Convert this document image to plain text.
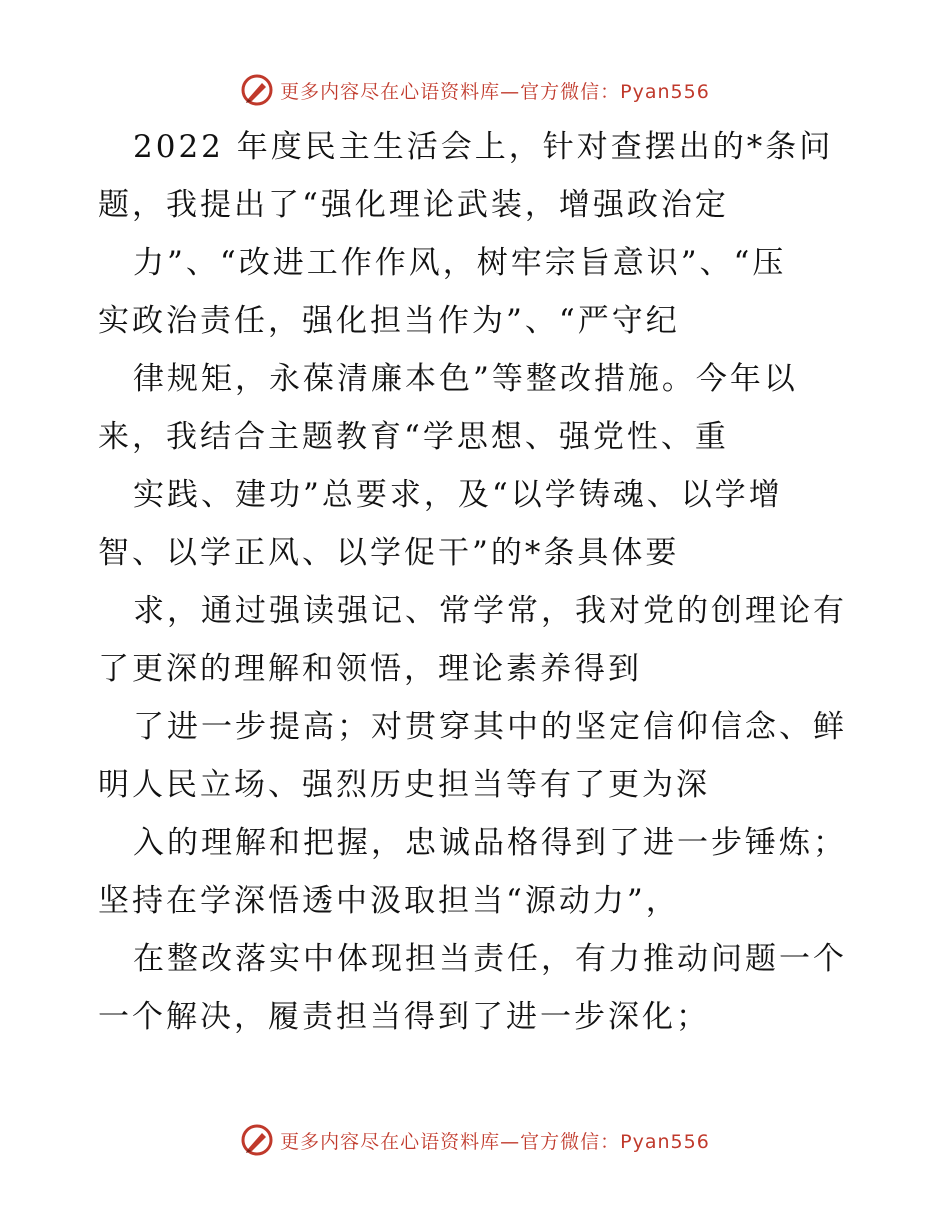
更多内容尽在心语资料库—官方微信：Pyan556
2022 年度民主生活会上，针对查摆出的*条问
题，我提出了“强化理论武装，增强政治定
力”、“改进工作作风，树牢宗旨意识”、“压
实政治责任，强化担当作为”、“严守纪
律规矩，永葆清廉本色”等整改措施。今年以
来，我结合主题教育“学思想、强党性、重
实践、建功”总要求，及“以学铸魂、以学增
智、以学正风、以学促干”的*条具体要
求，通过强读强记、常学常，我对党的创理论有
了更深的理解和领悟，理论素养得到
了进一步提高；对贯穿其中的坚定信仰信念、鲜
明人民立场、强烈历史担当等有了更为深
入的理解和把握，忠诚品格得到了进一步锤炼；
坚持在学深悟透中汲取担当“源动力”，
在整改落实中体现担当责任，有力推动问题一个
一个解决，履责担当得到了进一步深化；
更多内容尽在心语资料库—官方微信：Pyan556
